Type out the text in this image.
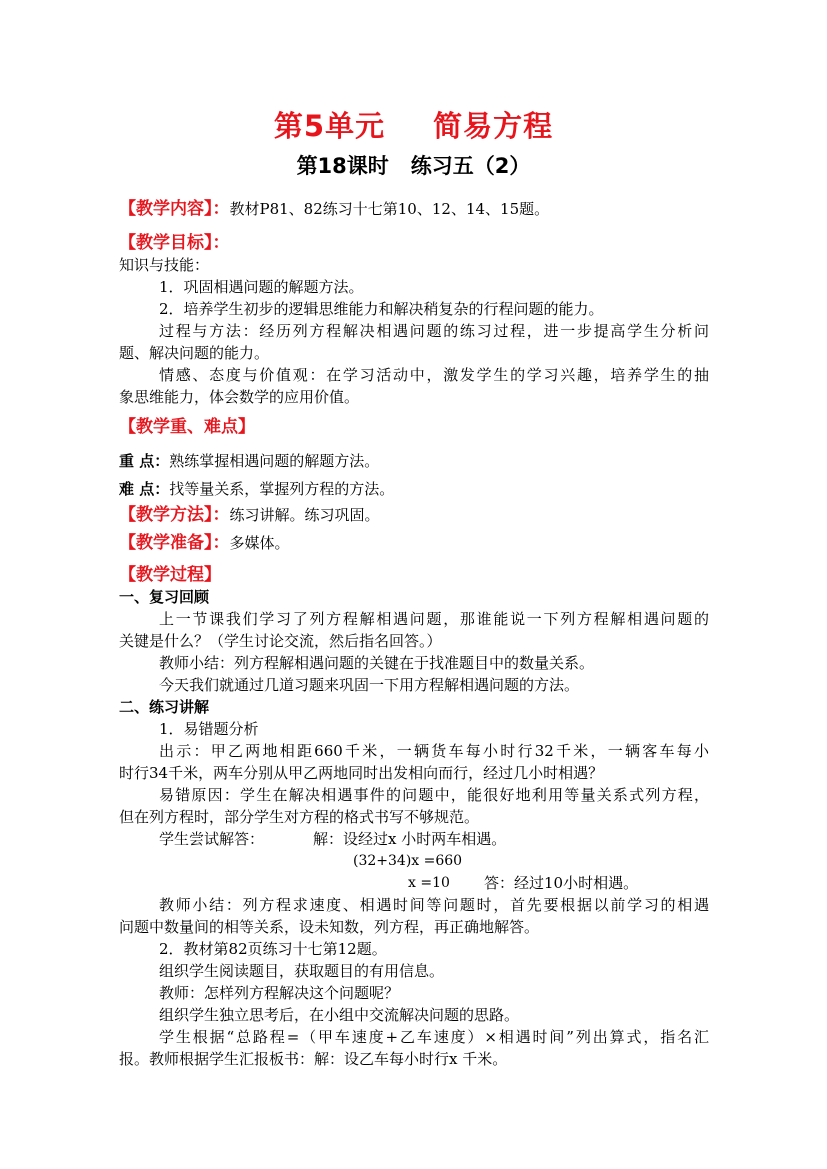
第5单元 简易方程
第18课时 练习五（2）
【教学内容】：教材P81、82练习十七第10、12、14、15题。
【教学目标】：
知识与技能：
1．巩固相遇问题的解题方法。
2．培养学生初步的逻辑思维能力和解决稍复杂的行程问题的能力。
过程与方法：经历列方程解决相遇问题的练习过程，进一步提高学生分析问
题、解决问题的能力。
情感、态度与价值观：在学习活动中，激发学生的学习兴趣，培养学生的抽
象思维能力，体会数学的应用价值。
【教学重、难点】
重 点：熟练掌握相遇问题的解题方法。
难 点：找等量关系，掌握列方程的方法。
【教学方法】：练习讲解。练习巩固。
【教学准备】：多媒体。
【教学过程】
一、复习回顾
上一节课我们学习了列方程解相遇问题，那谁能说一下列方程解相遇问题的
关键是什么？（学生讨论交流，然后指名回答。）
教师小结：列方程解相遇问题的关键在于找准题目中的数量关系。
今天我们就通过几道习题来巩固一下用方程解相遇问题的方法。
二、练习讲解
1．易错题分析
出示：甲乙两地相距660千米，一辆货车每小时行32千米，一辆客车每小
时行34千米，两车分别从甲乙两地同时出发相向而行，经过几小时相遇？
易错原因：学生在解决相遇事件的问题中，能很好地利用等量关系式列方程，
但在列方程时，部分学生对方程的格式书写不够规范。
学生尝试解答：	解：设经过x 小时两车相遇。
(32+34)x =660
x =10	答：经过10小时相遇。
教师小结：列方程求速度、相遇时间等问题时，首先要根据以前学习的相遇
问题中数量间的相等关系，设未知数，列方程，再正确地解答。
2．教材第82页练习十七第12题。
组织学生阅读题目，获取题目的有用信息。
教师：怎样列方程解决这个问题呢？
组织学生独立思考后，在小组中交流解决问题的思路。
学生根据“总路程=（甲车速度+乙车速度）×相遇时间”列出算式，指名汇
报。教师根据学生汇报板书：解：设乙车每小时行x 千米。
